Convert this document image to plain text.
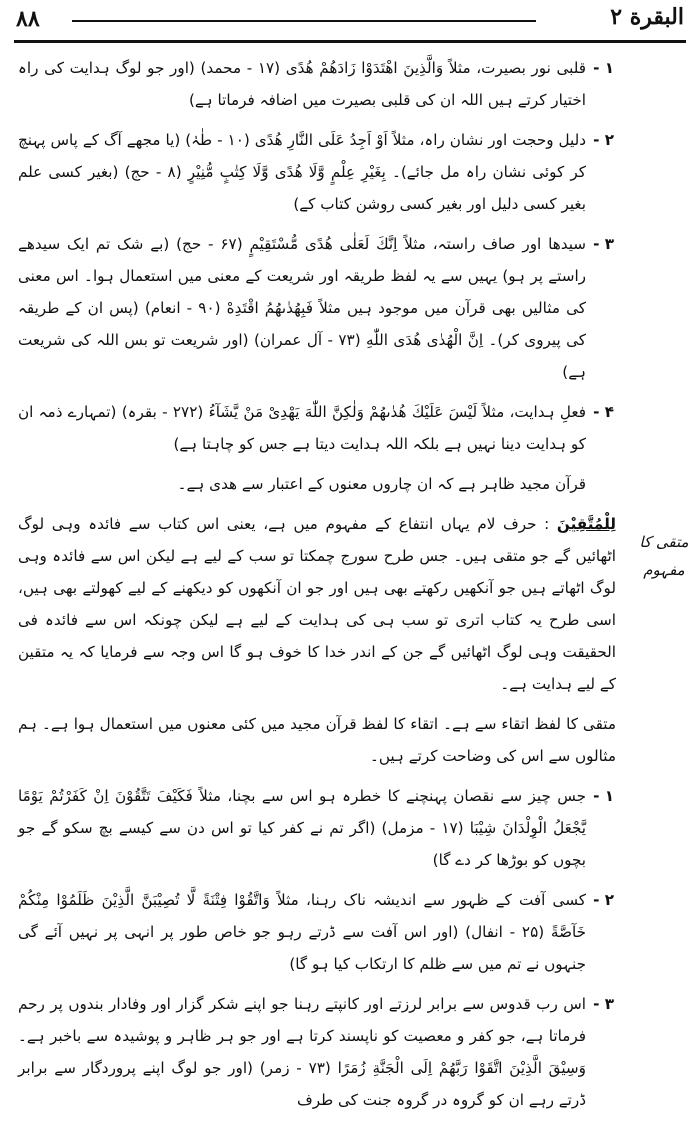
۸۸	البقرة ۲
متقی کا مفہوم

۱ -
قلبی نور بصیرت، مثلاً وَالَّذِینَ اهْتَدَوْا زَادَهُمْ هُدًی (۱۷ - محمد) (اور جو لوگ ہدایت کی راہ اختیار کرتے ہیں اللہ ان کی قلبی بصیرت میں اضافہ فرماتا ہے)

۲ -
دلیل وحجت اور نشان راہ، مثلاً اَوْ اَجِدُ عَلَی النَّارِ هُدًی (۱۰ - طٰہٰ) (یا مجھے آگ کے پاس پہنچ کر کوئی نشان راہ مل جائے)۔ بِغَیْرِ عِلْمٍ وَّلَا هُدًی وَّلَا كِتٰبٍ مُّنِیْرٍ (۸ - حج) (بغیر کسی علم بغیر کسی دلیل اور بغیر کسی روشن کتاب کے)

۳ -
سیدھا اور صاف راستہ، مثلاً اِنَّكَ لَعَلٰی هُدًی مُّسْتَقِیْمٍ (۶۷ - حج) (بے شک تم ایک سیدھے راستے پر ہو) یہیں سے یہ لفظ طریقہ اور شریعت کے معنی میں استعمال ہوا۔ اس معنی کی مثالیں بھی قرآن میں موجود ہیں مثلاً فَبِهُدٰىهُمُ اقْتَدِهْ (۹۰ - انعام) (پس ان کے طریقہ کی پیروی کر)۔ اِنَّ الْهُدٰی هُدَی اللّٰهِ (۷۳ - آل عمران) (اور شریعت تو بس اللہ کی شریعت ہے)

۴ -
فعلِ ہدایت، مثلاً لَیْسَ عَلَیْكَ هُدٰىهُمْ وَلٰكِنَّ اللّٰهَ یَهْدِیْ مَنْ یَّشَآءُ (۲۷۲ - بقرہ) (تمہارے ذمہ ان کو ہدایت دینا نہیں ہے بلکہ اللہ ہدایت دیتا ہے جس کو چاہتا ہے)

قرآن مجید ظاہر ہے کہ ان چاروں معنوں کے اعتبار سے ھدی ہے۔

لِلْمُتَّقِیْنَ : حرف لام یہاں انتفاع کے مفہوم میں ہے، یعنی اس کتاب سے فائدہ وہی لوگ اٹھائیں گے جو متقی ہیں۔ جس طرح سورج چمکتا تو سب کے لیے ہے لیکن اس سے فائدہ وہی لوگ اٹھاتے ہیں جو آنکھیں رکھتے بھی ہیں اور جو ان آنکھوں کو دیکھنے کے لیے کھولتے بھی ہیں، اسی طرح یہ کتاب اتری تو سب ہی کی ہدایت کے لیے ہے لیکن چونکہ اس سے فائدہ فی الحقیقت وہی لوگ اٹھائیں گے جن کے اندر خدا کا خوف ہو گا اس وجہ سے فرمایا کہ یہ متقین کے لیے ہدایت ہے۔

متقی کا لفظ اتقاء سے ہے۔ اتقاء کا لفظ قرآن مجید میں کئی معنوں میں استعمال ہوا ہے۔ ہم مثالوں سے اس کی وضاحت کرتے ہیں۔

۱ -
جس چیز سے نقصان پہنچنے کا خطرہ ہو اس سے بچنا، مثلاً فَكَیْفَ تَتَّقُوْنَ اِنْ كَفَرْتُمْ یَوْمًا یَّجْعَلُ الْوِلْدَانَ شِیْبَا (۱۷ - مزمل) (اگر تم نے کفر کیا تو اس دن سے کیسے بچ سکو گے جو بچوں کو بوڑھا کر دے گا)

۲ -
کسی آفت کے ظہور سے اندیشہ ناک رہنا، مثلاً وَاتَّقُوْا فِتْنَةً لَّا تُصِیْبَنَّ الَّذِیْنَ ظَلَمُوْا مِنْكُمْ خَآصَّةً (۲۵ - انفال) (اور اس آفت سے ڈرتے رہو جو خاص طور پر انہی پر نہیں آئے گی جنہوں نے تم میں سے ظلم کا ارتکاب کیا ہو گا)

۳ -
اس رب قدوس سے برابر لرزتے اور کانپتے رہنا جو اپنے شکر گزار اور وفادار بندوں پر رحم فرماتا ہے، جو کفر و معصیت کو ناپسند کرتا ہے اور جو ہر ظاہر و پوشیدہ سے باخبر ہے۔ وَسِیْقَ الَّذِیْنَ اتَّقَوْا رَبَّهُمْ اِلَی الْجَنَّةِ زُمَرًا (۷۳ - زمر) (اور جو لوگ اپنے پروردگار سے برابر ڈرتے رہے ان کو گروہ در گروہ جنت کی طرف
